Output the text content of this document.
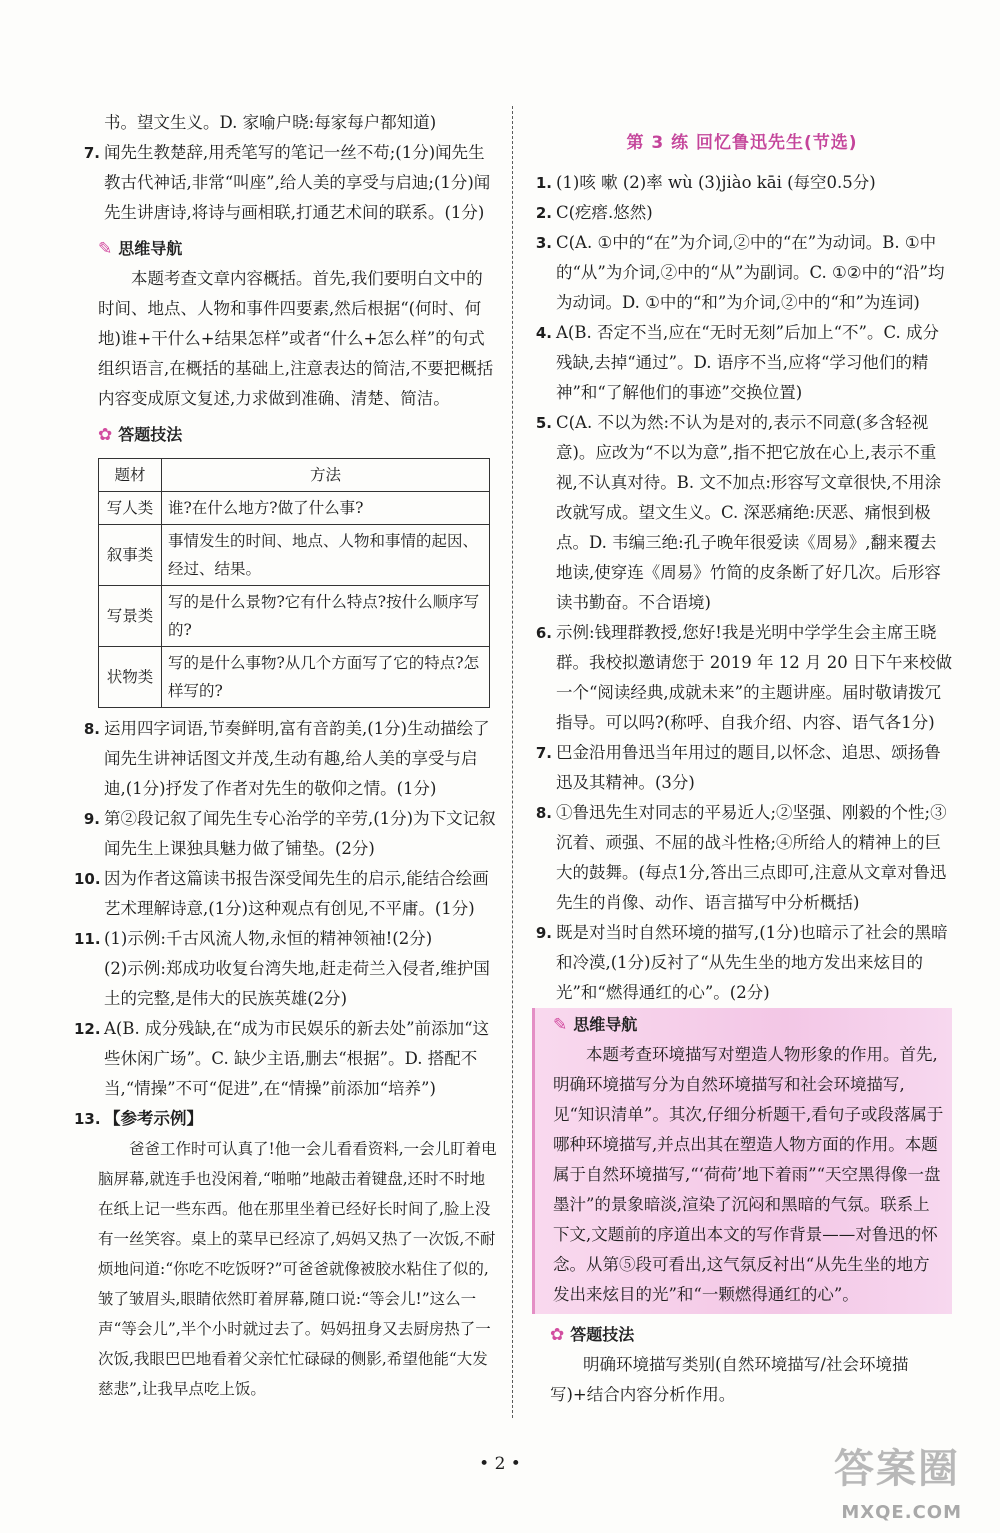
书。望文生义。D. 家喻户晓:每家每户都知道)

7. 闻先生教楚辞,用秃笔写的笔记一丝不苟;(1分)闻先生教古代神话,非常“叫座”,给人美的享受与启迪;(1分)闻先生讲唐诗,将诗与画相联,打通艺术间的联系。(1分)
✎ 思维导航

本题考查文章内容概括。首先,我们要明白文中的时间、地点、人物和事件四要素,然后根据“(何时、何地)谁+干什么+结果怎样”或者“什么+怎么样”的句式组织语言,在概括的基础上,注意表达的简洁,不要把概括内容变成原文复述,力求做到准确、清楚、简洁。

✿ 答题技法
题材	方法
写人类	谁?在什么地方?做了什么事?
叙事类	事情发生的时间、地点、人物和事情的起因、经过、结果。
写景类	写的是什么景物?它有什么特点?按什么顺序写的?
状物类	写的是什么事物?从几个方面写了它的特点?怎样写的?
8. 运用四字词语,节奏鲜明,富有音韵美,(1分)生动描绘了闻先生讲神话图文并茂,生动有趣,给人美的享受与启迪,(1分)抒发了作者对先生的敬仰之情。(1分)
9. 第②段记叙了闻先生专心治学的辛劳,(1分)为下文记叙闻先生上课独具魅力做了铺垫。(2分)
10. 因为作者这篇读书报告深受闻先生的启示,能结合绘画艺术理解诗意,(1分)这种观点有创见,不平庸。(1分)
11. (1)示例:千古风流人物,永恒的精神领袖!(2分)

(2)示例:郑成功收复台湾失地,赶走荷兰入侵者,维护国土的完整,是伟大的民族英雄(2分)

12. A(B. 成分残缺,在“成为市民娱乐的新去处”前添加“这些休闲广场”。C. 缺少主语,删去“根据”。D. 搭配不当,“情操”不可“促进”,在“情操”前添加“培养”)
13. 【参考示例】

爸爸工作时可认真了!他一会儿看看资料,一会儿盯着电脑屏幕,就连手也没闲着,“啪啪”地敲击着键盘,还时不时地在纸上记一些东西。他在那里坐着已经好长时间了,脸上没有一丝笑容。桌上的菜早已经凉了,妈妈又热了一次饭,不耐烦地问道:“你吃不吃饭呀?”可爸爸就像被胶水粘住了似的,皱了皱眉头,眼睛依然盯着屏幕,随口说:“等会儿!”这么一声“等会儿”,半个小时就过去了。妈妈扭身又去厨房热了一次饭,我眼巴巴地看着父亲忙忙碌碌的侧影,希望他能“大发慈悲”,让我早点吃上饭。

第 3 练 回忆鲁迅先生(节选)
1. (1)咳 嗽 (2)率 wù (3)jiào kāi (每空0.5分)
2. C(疙瘩.悠然)
3. C(A. ①中的“在”为介词,②中的“在”为动词。B. ①中的“从”为介词,②中的“从”为副词。C. ①②中的“沿”均为动词。D. ①中的“和”为介词,②中的“和”为连词)
4. A(B. 否定不当,应在“无时无刻”后加上“不”。C. 成分残缺,去掉“通过”。D. 语序不当,应将“学习他们的精神”和“了解他们的事迹”交换位置)
5. C(A. 不以为然:不认为是对的,表示不同意(多含轻视意)。应改为“不以为意”,指不把它放在心上,表示不重视,不认真对待。B. 文不加点:形容写文章很快,不用涂改就写成。望文生义。C. 深恶痛绝:厌恶、痛恨到极点。D. 韦编三绝:孔子晚年很爱读《周易》,翻来覆去地读,使穿连《周易》竹简的皮条断了好几次。后形容读书勤奋。不合语境)
6. 示例:钱理群教授,您好!我是光明中学学生会主席王晓群。我校拟邀请您于 2019 年 12 月 20 日下午来校做一个“阅读经典,成就未来”的主题讲座。届时敬请拨冗指导。可以吗?(称呼、自我介绍、内容、语气各1分)
7. 巴金沿用鲁迅当年用过的题目,以怀念、追思、颂扬鲁迅及其精神。(3分)
8. ①鲁迅先生对同志的平易近人;②坚强、刚毅的个性;③沉着、顽强、不屈的战斗性格;④所给人的精神上的巨大的鼓舞。(每点1分,答出三点即可,注意从文章对鲁迅先生的肖像、动作、语言描写中分析概括)
9. 既是对当时自然环境的描写,(1分)也暗示了社会的黑暗和冷漠,(1分)反衬了“从先生坐的地方发出来炫目的光”和“燃得通红的心”。(2分)
✎ 思维导航

本题考查环境描写对塑造人物形象的作用。首先,明确环境描写分为自然环境描写和社会环境描写,见“知识清单”。其次,仔细分析题干,看句子或段落属于哪种环境描写,并点出其在塑造人物方面的作用。本题属于自然环境描写,“‘荷荷’地下着雨”“天空黑得像一盘墨汁”的景象暗淡,渲染了沉闷和黑暗的气氛。联系上下文,文题前的序道出本文的写作背景——对鲁迅的怀念。从第⑤段可看出,这气氛反衬出“从先生坐的地方发出来炫目的光”和“一颗燃得通红的心”。

✿ 答题技法

明确环境描写类别(自然环境描写/社会环境描写)+结合内容分析作用。

• 2 •	答案圈
MXQE.COM
